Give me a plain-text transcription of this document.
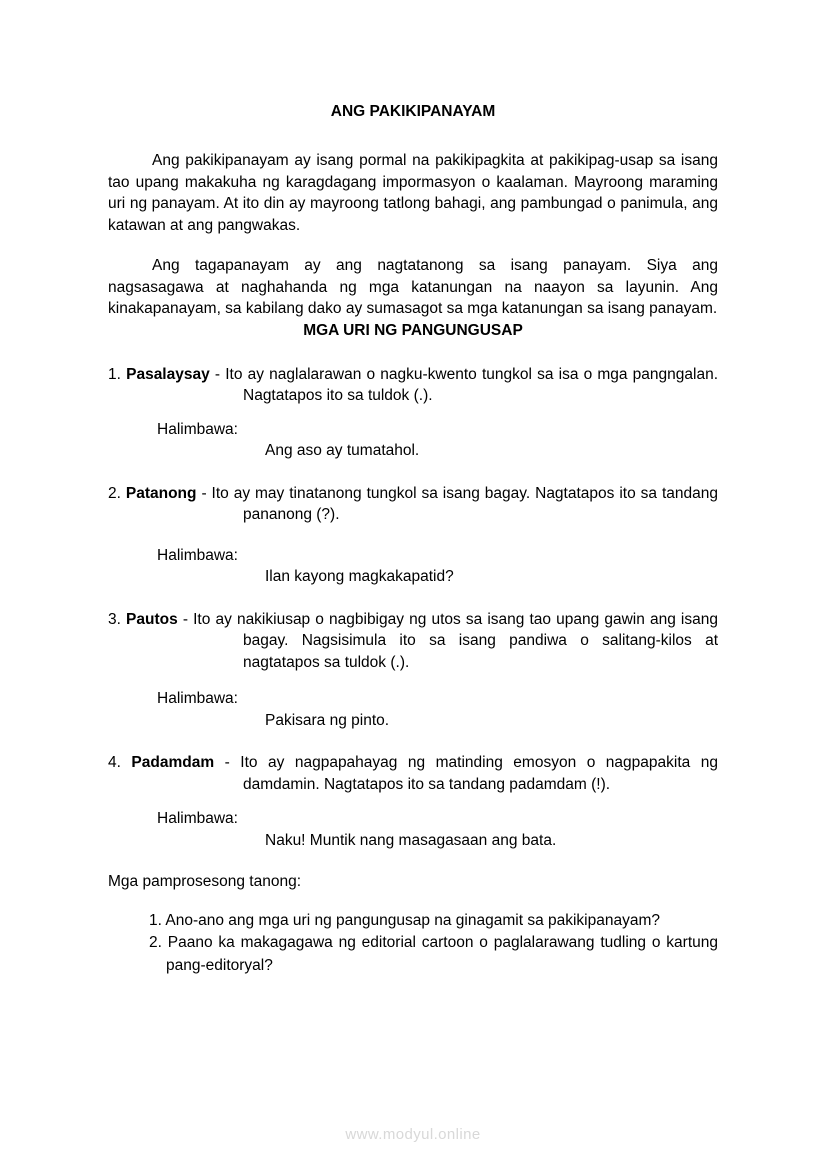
ANG PAKIKIPANAYAM

Ang pakikipanayam ay isang pormal na pakikipagkita at pakikipag-usap sa isang tao upang makakuha ng karagdagang impormasyon o kaalaman. Mayroong maraming uri ng panayam. At ito din ay mayroong tatlong bahagi, ang pambungad o panimula, ang katawan at ang pangwakas.

Ang tagapanayam ay ang nagtatanong sa isang panayam. Siya ang nagsasagawa at naghahanda ng mga katanungan na naayon sa layunin. Ang kinakapanayam, sa kabilang dako ay sumasagot sa mga katanungan sa isang panayam.

MGA URI NG PANGUNGUSAP

1. Pasalaysay - Ito ay naglalarawan o nagku-kwento tungkol sa isa o mga pangngalan. Nagtatapos ito sa tuldok (.).

Halimbawa:
Ang aso ay tumatahol.

2. Patanong - Ito ay may tinatanong tungkol sa isang bagay. Nagtatapos ito sa tandang pananong (?).

Halimbawa:
Ilan kayong magkakapatid?

3. Pautos - Ito ay nakikiusap o nagbibigay ng utos sa isang tao upang gawin ang isang bagay. Nagsisimula ito sa isang pandiwa o salitang-kilos at nagtatapos sa tuldok (.).

Halimbawa:
Pakisara ng pinto.

4. Padamdam - Ito ay nagpapahayag ng matinding emosyon o nagpapakita ng damdamin. Nagtatapos ito sa tandang padamdam (!).

Halimbawa:
Naku! Muntik nang masagasaan ang bata.

Mga pamprosesong tanong:

1. Ano-ano ang mga uri ng pangungusap na ginagamit sa pakikipanayam?

2. Paano ka makagagawa ng editorial cartoon o paglalarawang tudling o kartung pang-editoryal?

www.modyul.online
